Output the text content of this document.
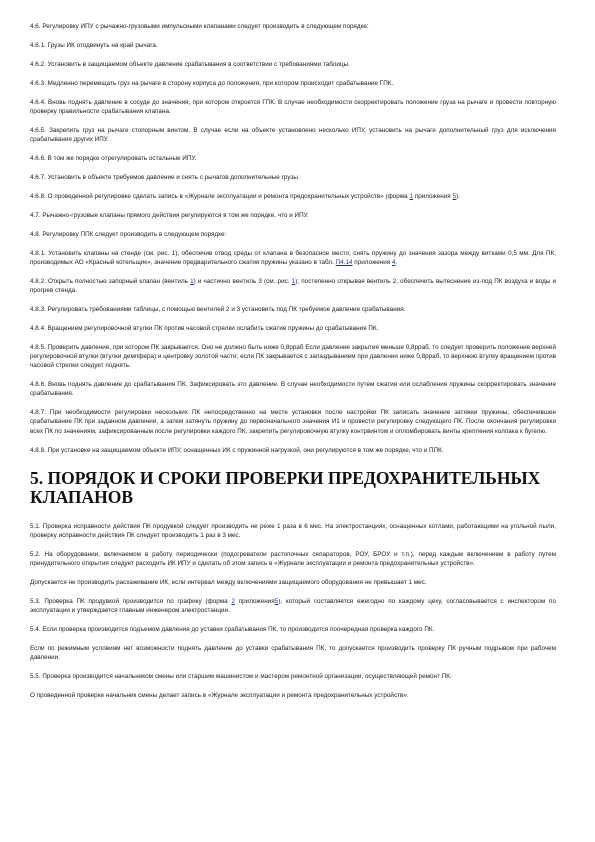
4.6. Регулировку ИПУ с рычажно-грузовыми импульсными клапанами следует производить в следующем порядке:

4.6.1. Грузы ИК отодвинуть на край рычага.

4.6.2. Установить в защищаемом объекте давление срабатывания в соответствии с требованиями таблицы.

4.6.3. Медленно перемещать груз на рычаге в сторону корпуса до положения, при котором происходит срабатывание ГПК.

4.6.4. Вновь поднять давление в сосуде до значения, при котором откроется ГПК. В случае необходимости скорректировать положение груза на рычаге и провести повторную проверку правильности срабатывания клапана.

4.6.5. Закрепить груз на рычаге стопорным винтом. В случае если на объекте установлено несколько ИПУ, установить на рычаге дополнительный груз для исключения срабатывания других ИПУ.

4.6.6. В том же порядке отрегулировать остальные ИПУ.

4.6.7. Установить в объекте требуемое давление и снять с рычагов дополнительные грузы.

4.6.8. О проведенной регулировке сделать запись в «Журнале эксплуатации и ремонта предохранительных устройств» (форма 1 приложения 5).

4.7. Рычажно-грузовые клапаны прямого действия регулируются в том же порядке, что и ИПУ.

4.8. Регулировку ППК следует производить в следующем порядке:

4.8.1. Установить клапаны на стенде (см. рис. 1), обеспечив отвод среды от клапана в безопасное место; снять пружину до значения зазора между витками 0,5 мм. Для ПК, производимых АО «Красный котельщик», значение предварительного сжатия пружины указано в табл. П4.14 приложения 4.

4.8.2. Открыть полностью запорный клапан (вентиль 1) и частично вентиль 3 (см. рис. 1); постепенно открывая вентиль 2, обеспечить вытеснение из-под ПК воздуха и воды и прогрев стенда.

4.8.3. Регулировать требованиями таблицы, с помощью вентилей 2 и 3 установить под ПК требуемое давление срабатывания.

4.8.4. Вращением регулировочной втулки ПК против часовой стрелки ослабить сжатие пружины до срабатывания ПК.

4.8.5. Проверить давление, при котором ПК закрывается. Оно не должно быть ниже 0,8рраб Если давление закрытия меньше 0,8рраб, то следует проверить положение верхней регулировочной втулки (втулки демпфера) и центровку золотой части; если ПК закрывается с запаздыванием при давлении ниже 0,8рраб, то верхнюю втулку вращением против часовой стрелки следует поднять.

4.8.6. Вновь поднять давление до срабатывания ПК. Зафиксировать это давление. В случае необходимости путем сжатия или ослабления пружины скорректировать значение срабатывания.

4.8.7. При необходимости регулировки нескольких ПК непосредственно на месте установки после настройки ПК записать значение затяжки пружины, обеспечившее срабатывание ПК при заданном давлении, а затем затянуть пружину до первоначального значения И1 и провести регулировку следующего ПК. После окончания регулировки всех ПК по значениям, зафиксированным после регулировки каждого ПК, закрепить регулировочную втулку контрвинтом и опломбировать винты крепления колпака к бугелю.

4.8.8. При установке на защищаемом объекте ИПУ, оснащенных ИК с пружинной нагрузкой, они регулируются в том же порядке, что и ППК.

5. ПОРЯДОК И СРОКИ ПРОВЕРКИ ПРЕДОХРАНИТЕЛЬНЫХ КЛАПАНОВ

5.1. Проверка исправности действия ПК продувкой следует производить не реже 1 раза в 6 мес. На электростанциях, оснащенных котлами, работающими на угольной пыли, проверку исправности действия ПК следует производить 1 раз в 3 мес.

5.2. На оборудовании, включаемом в работу периодически (подогреватели растопочных сепараторов, РОУ, БРОУ и т.п.), перед каждым включением в работу путем принудительного открытия следует расходить ИК ИПУ и сделать об этом запись в «Журнале эксплуатации и ремонта предохранительных устройств».

Допускается не производить расхаживание ИК, если интервал между включениями защищаемого оборудования не превышает 1 мес.

5.3. Проверка ПК продувкой производится по графику (форма 2 приложения5), который составляется ежегодно по каждому цеху, согласовывается с инспектором по эксплуатации и утверждается главным инженером электростанции.

5.4. Если проверка производится подъемом давления до уставки срабатывания ПК, то производится поочередная проверка каждого ПК.

Если по режимным условиям нет возможности поднять давление до уставки срабатывания ПК, то допускается производить проверку ПК ручным подрывом при рабочем давлении.

5.5. Проверка производится начальником смены или старшим машинистом и мастером ремонтной организации, осуществляющей ремонт ПК.

О проведенной проверке начальник смены делает запись в «Журнале эксплуатации и ремонта предохранительных устройств».
